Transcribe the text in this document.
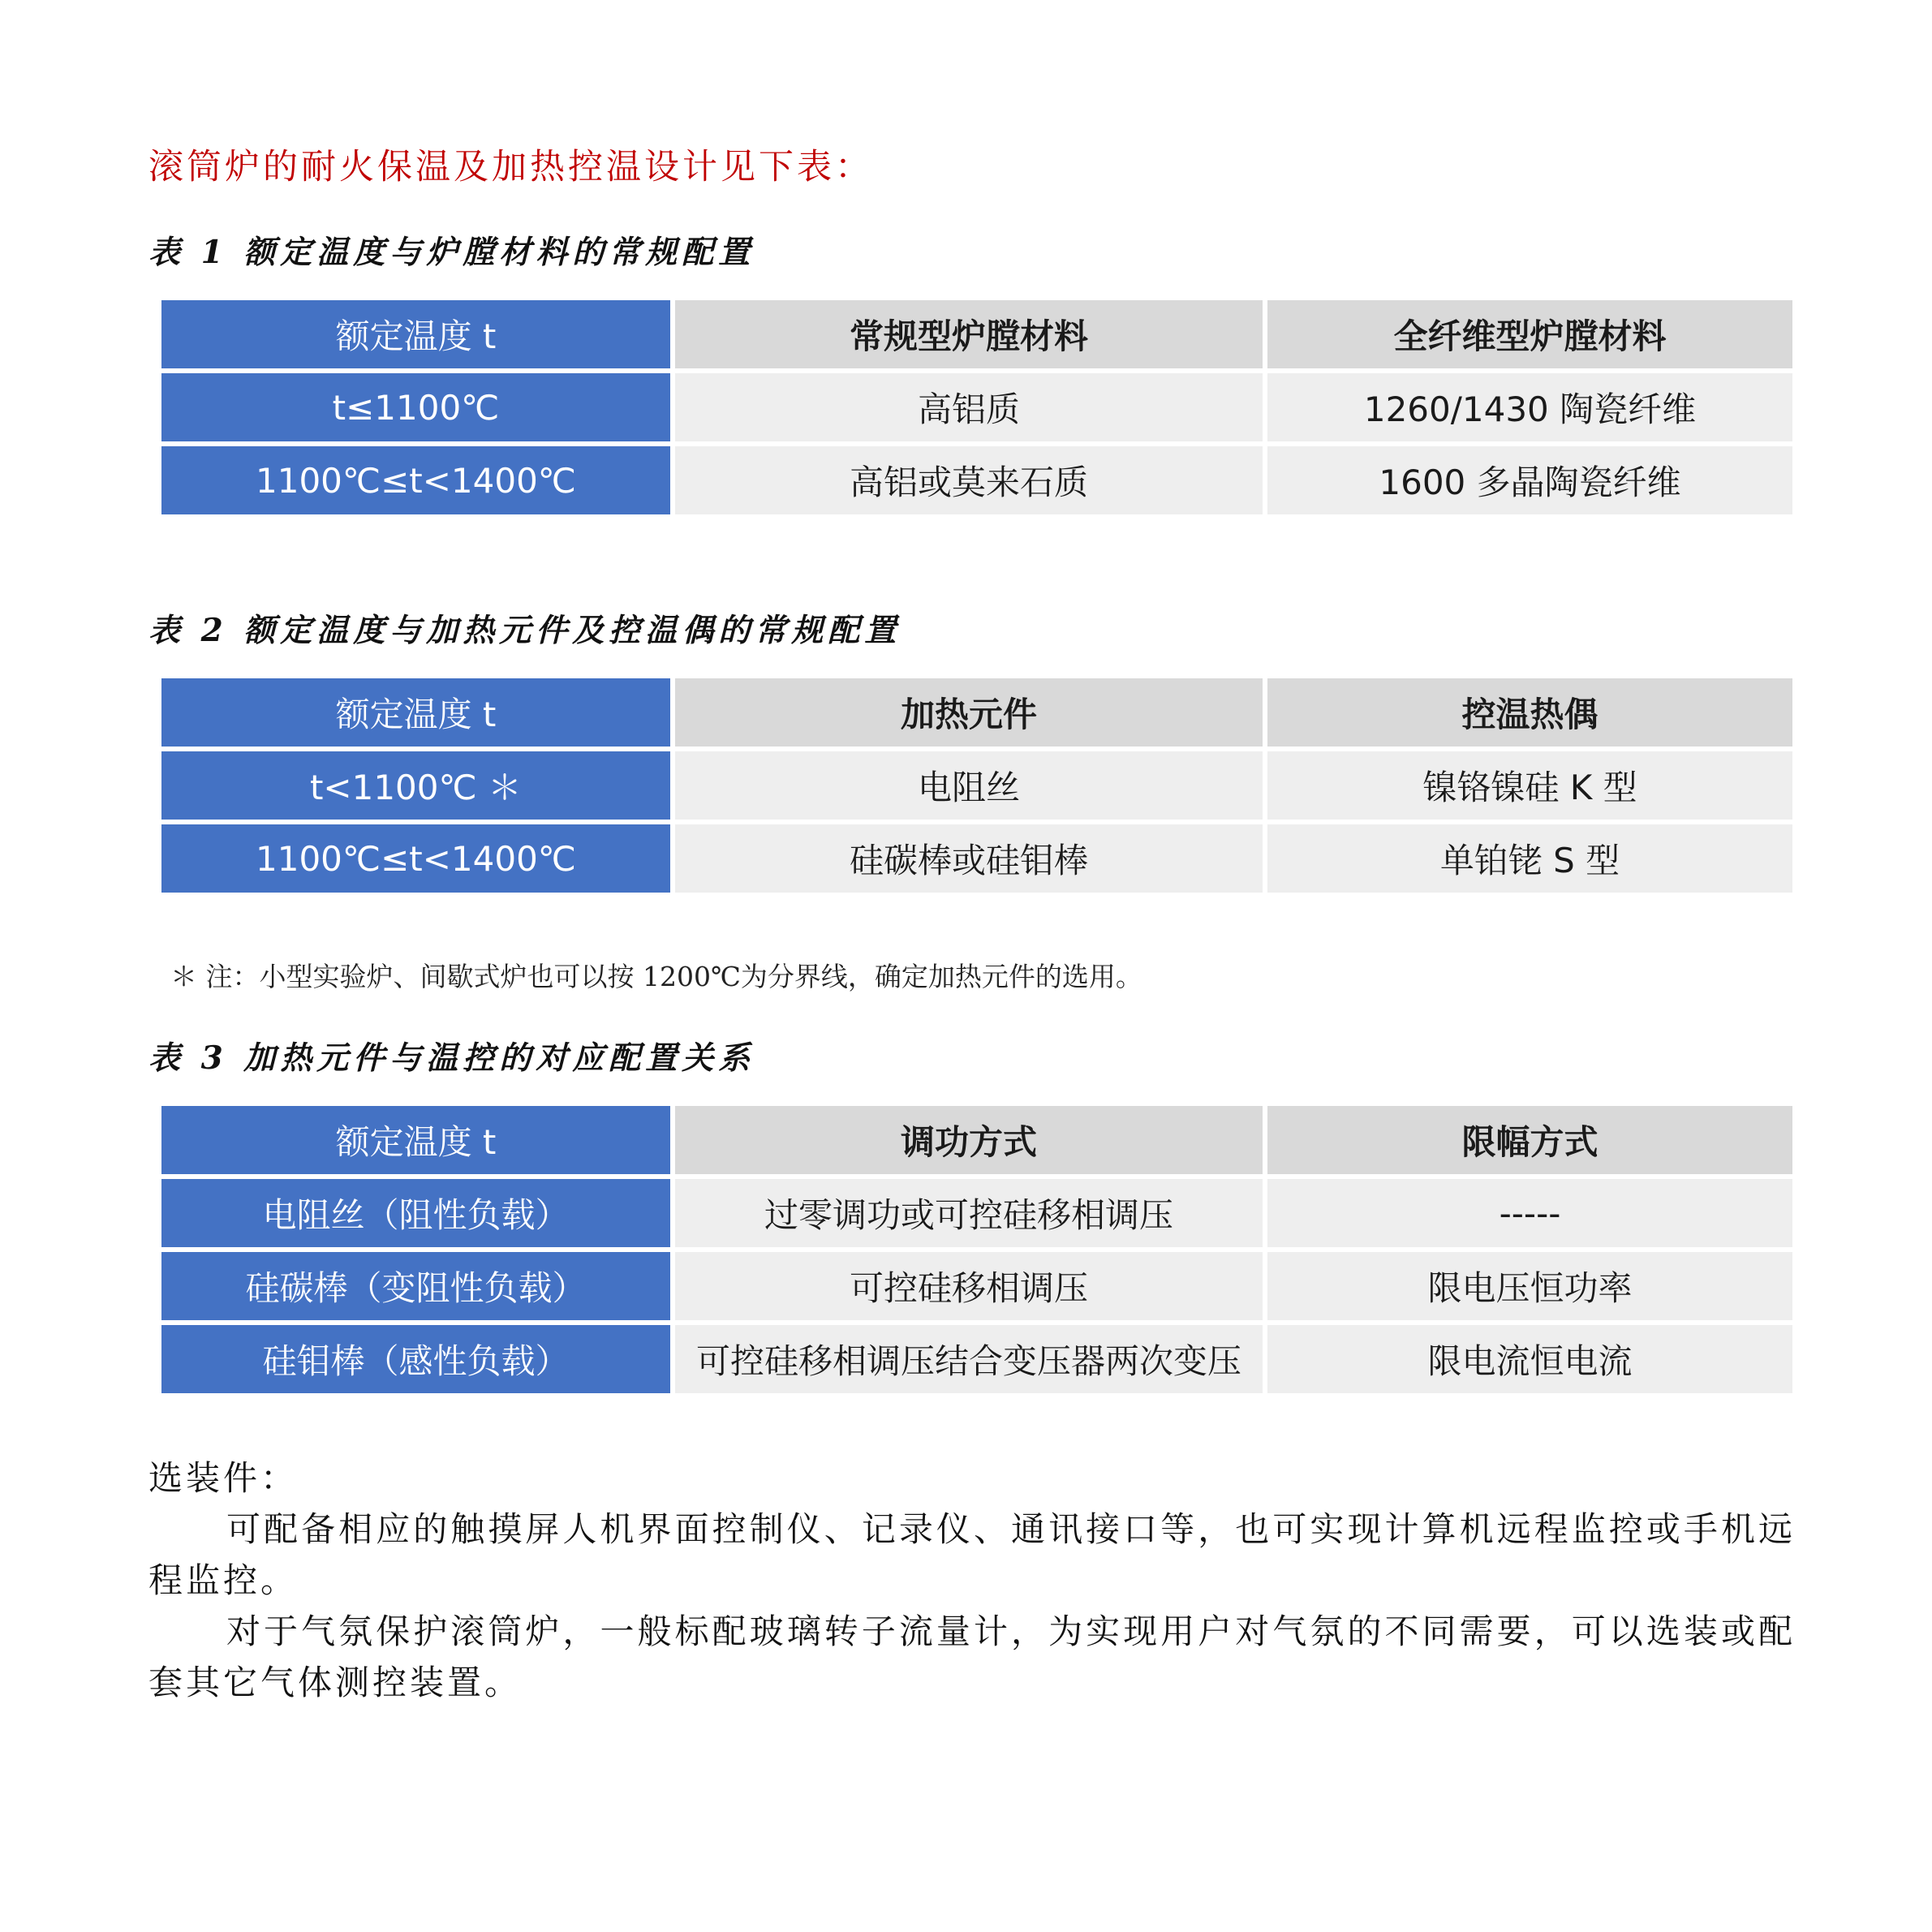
滚筒炉的耐火保温及加热控温设计见下表：
表 1 额定温度与炉膛材料的常规配置
额定温度 t	常规型炉膛材料	全纤维型炉膛材料
t≤1100℃	高铝质	1260/1430 陶瓷纤维
1100℃≤t<1400℃	高铝或莫来石质	1600 多晶陶瓷纤维
表 2 额定温度与加热元件及控温偶的常规配置
额定温度 t	加热元件	控温热偶
t<1100℃ ＊	电阻丝	镍铬镍硅 K 型
1100℃≤t<1400℃	硅碳棒或硅钼棒	单铂铑 S 型
＊ 注：小型实验炉、间歇式炉也可以按 1200℃为分界线，确定加热元件的选用。
表 3 加热元件与温控的对应配置关系
额定温度 t	调功方式	限幅方式
电阻丝（阻性负载）	过零调功或可控硅移相调压	-----
硅碳棒（变阻性负载）	可控硅移相调压	限电压恒功率
硅钼棒（感性负载）	可控硅移相调压结合变压器两次变压	限电流恒电流

选装件：

可配备相应的触摸屏人机界面控制仪、记录仪、通讯接口等，也可实现计算机远程监控或手机远程监控。

对于气氛保护滚筒炉，一般标配玻璃转子流量计，为实现用户对气氛的不同需要，可以选装或配套其它气体测控装置。
